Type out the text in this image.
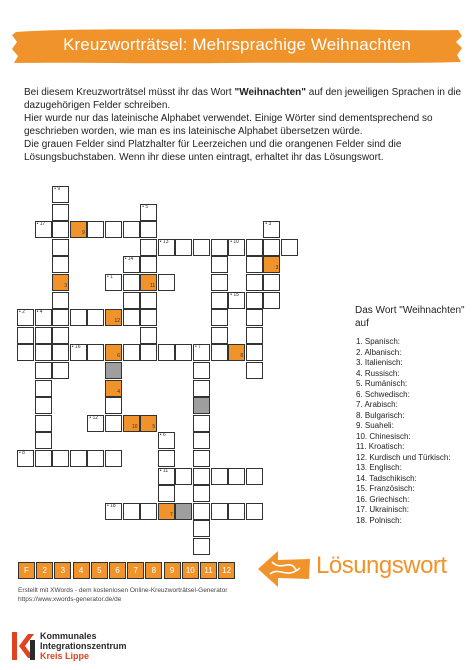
Kreuzworträtsel: Mehrsprachige Weihnachten

Bei diesem Kreuzworträtsel müsst ihr das Wort "Weihnachten" auf den jeweiligen Sprachen in die dazugehörigen Felder schreiben.

Hier wurde nur das lateinische Alphabet verwendet. Einige Wörter sind dementsprechend so geschrieben worden, wie man es ins lateinische Alphabet übersetzen würde.

Die grauen Felder sind Platzhalter für Leerzeichen und die orangenen Felder sind die Lösungsbuchstaben. Wenn ihr diese unten eintragt, erhaltet ihr das Lösungswort.

• 9
3
• 17
9
• 13	• 10
• 3
3
• 5
11
• 14
• 1
• 15
• 2 • 4
12
• 16
6
• 7
8
4
• 12
10	5
• 6
• 11
7
• 8
• 18
Das Wort "Weihnachten" auf
1. Spanisch:
2. Albanisch:
3. Italienisch:
4. Russisch:
5. Rumänisch:
6. Schwedisch:
7. Arabisch:
8. Bulgarisch:
9. Suaheli:
10. Chinesisch:
11. Kroatisch:
12. Kurdisch und Türkisch:
13. Englisch:
14. Tadschikisch:
15. Französisch:
16. Griechisch:
17. Ukrainisch:
18. Polnisch:
Lösungswort
F	2	3	4	5	6	7	8	9	10	11	12
Erstellt mit XWords - dem kostenlosen Online-Kreuzworträtsel-Generator
https://www.xwords-generator.de/de
Kommunales
Integrationszentrum
Kreis Lippe
